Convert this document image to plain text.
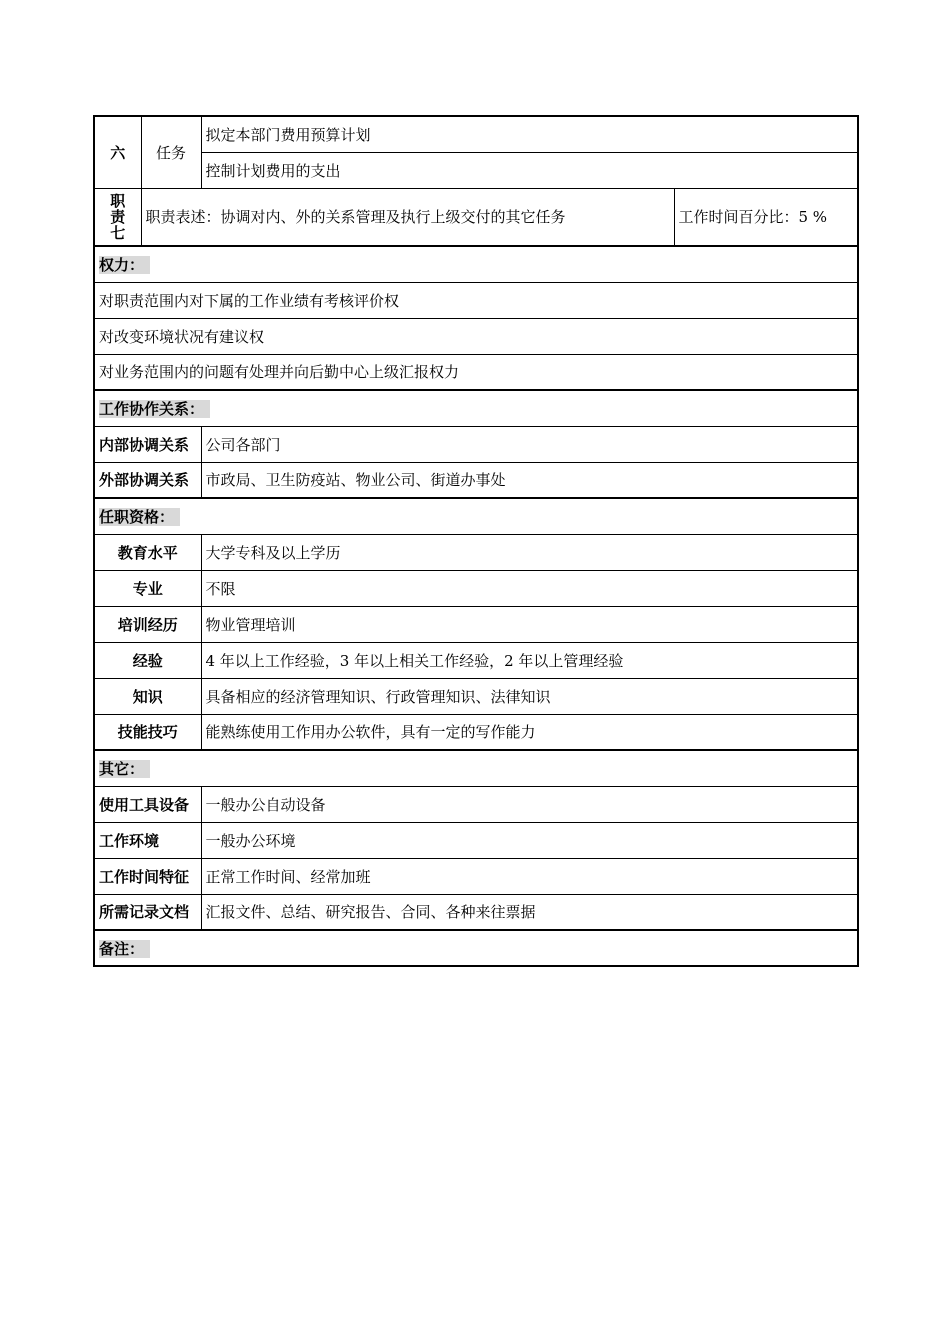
六	任务	拟定本部门费用预算计划	
		控制计划费用的支出	

职
责
七	职责表述：协调对内、外的关系管理及执行上级交付的其它任务		工作时间百分比：5 %
权力：			
对职责范围内对下属的工作业绩有考核评价权			
对改变环境状况有建议权			
对业务范围内的问题有处理并向后勤中心上级汇报权力			
工作协作关系：			
内部协调关系		公司各部门	
外部协调关系		市政局、卫生防疫站、物业公司、街道办事处	
任职资格：			
教育水平		大学专科及以上学历	
专业		不限	
培训经历		物业管理培训	
经验		4 年以上工作经验，3 年以上相关工作经验，2 年以上管理经验	
知识		具备相应的经济管理知识、行政管理知识、法律知识	
技能技巧		能熟练使用工作用办公软件，具有一定的写作能力	
其它：			
使用工具设备		一般办公自动设备	
工作环境		一般办公环境	
工作时间特征		正常工作时间、经常加班	
所需记录文档		汇报文件、总结、研究报告、合同、各种来往票据	
备注：			
